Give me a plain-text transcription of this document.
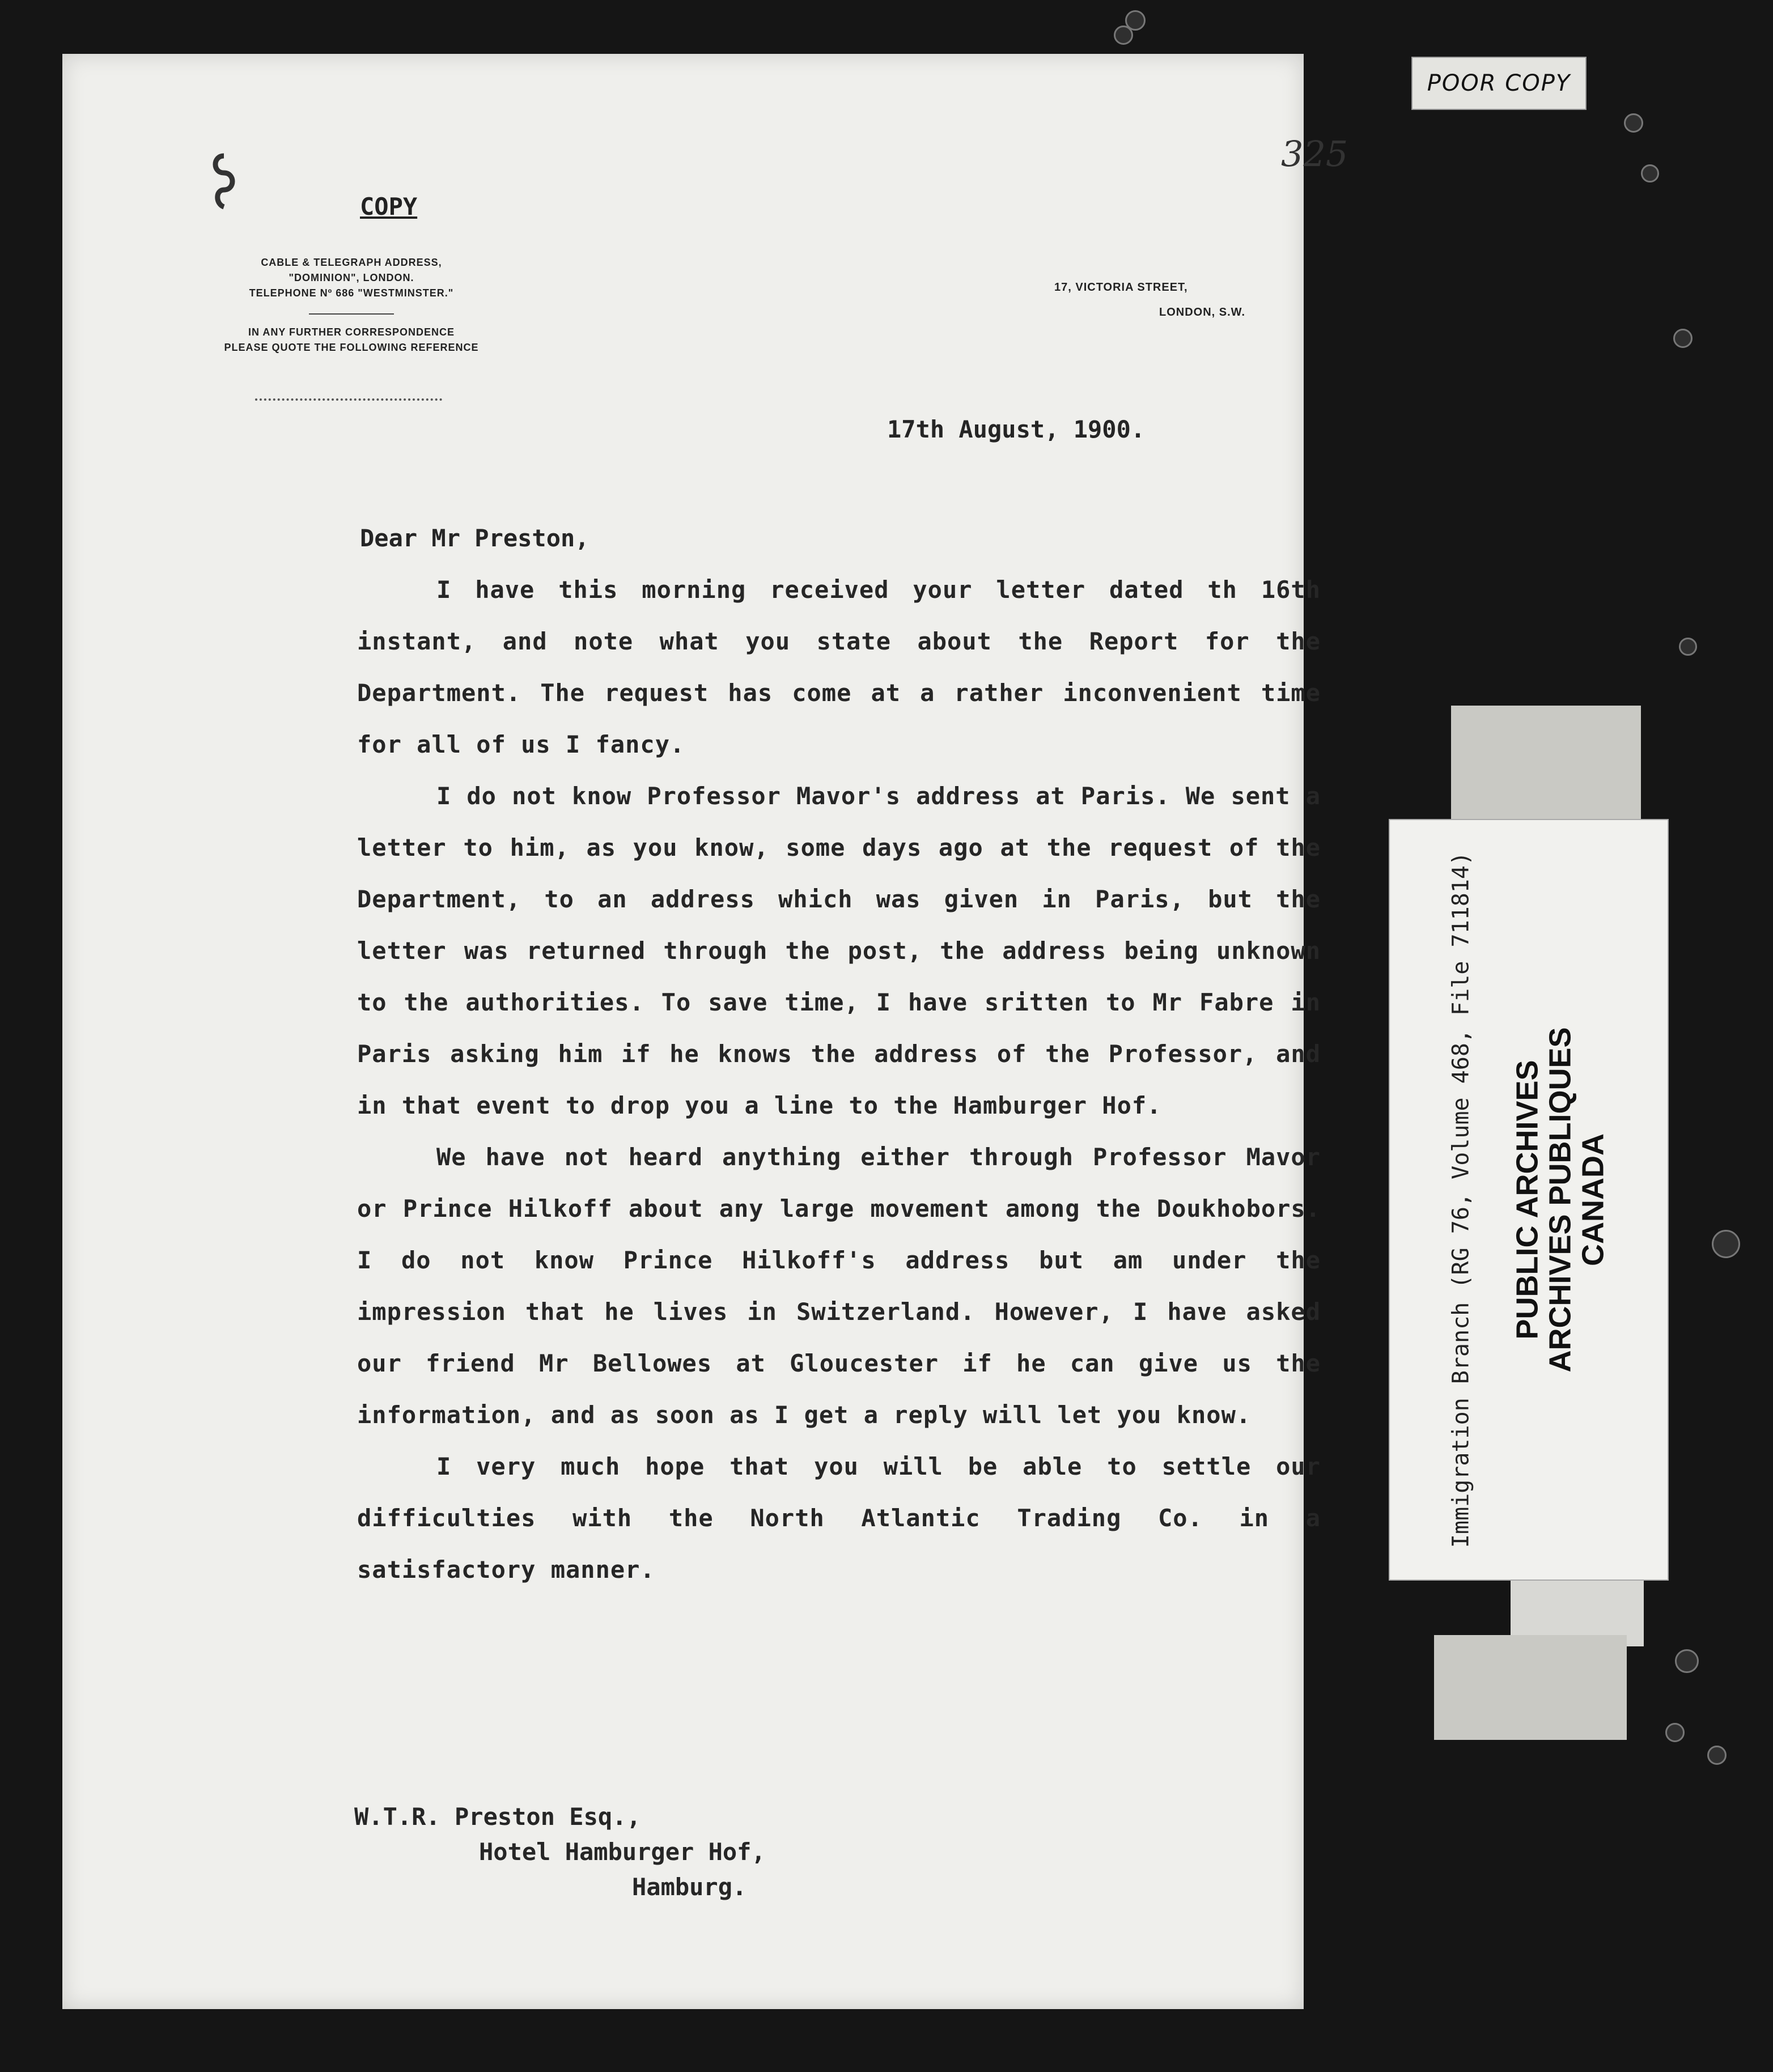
325
COPY
CABLE & TELEGRAPH ADDRESS,
"DOMINION", LONDON.
TELEPHONE Nº 686 "WESTMINSTER."
IN ANY FURTHER CORRESPONDENCE
PLEASE QUOTE THE FOLLOWING REFERENCE
17, VICTORIA STREET,
LONDON, S.W.
17th August, 1900.
Dear Mr Preston,

I have this morning received your letter dated th 16th instant, and note what you state about the Report for the Department. The request has come at a rather inconvenient time for all of us I fancy.

I do not know Professor Mavor's address at Paris. We sent a letter to him, as you know, some days ago at the request of the Department, to an address which was given in Paris, but the letter was returned through the post, the address being unknown to the authorities. To save time, I have sritten to Mr Fabre in Paris asking him if he knows the address of the Professor, and in that event to drop you a line to the Hamburger Hof.

We have not heard anything either through Professor Mavor or Prince Hilkoff about any large movement among the Doukhobors. I do not know Prince Hilkoff's address but am under the impression that he lives in Switzerland. However, I have asked our friend Mr Bellowes at Gloucester if he can give us the information, and as soon as I get a reply will let you know.

I very much hope that you will be able to settle our difficulties with the North Atlantic Trading Co. in a satisfactory manner.

W.T.R. Preston Esq.,
Hotel Hamburger Hof,
Hamburg.
POOR COPY
Immigration Branch (RG 76, Volume 468, File 711814) PUBLIC ARCHIVES
ARCHIVES PUBLIQUES
CANADA
